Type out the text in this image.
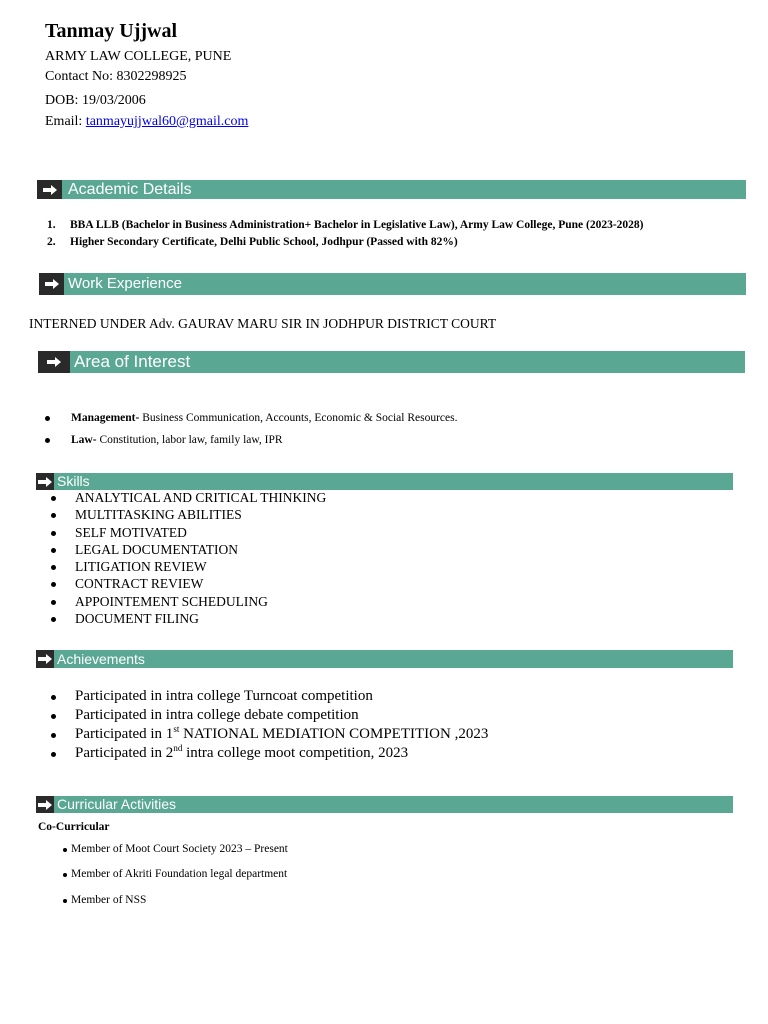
Tanmay Ujjwal
ARMY LAW COLLEGE, PUNE
Contact No: 8302298925
DOB: 19/03/2006
Email: tanmayujjwal60@gmail.com
Academic Details
1. BBA LLB (Bachelor in Business Administration+ Bachelor in Legislative Law), Army Law College, Pune (2023-2028)
2. Higher Secondary Certificate, Delhi Public School, Jodhpur (Passed with 82%)
Work Experience
INTERNED UNDER Adv. GAURAV MARU SIR IN JODHPUR DISTRICT COURT
Area of Interest
Management- Business Communication, Accounts, Economic & Social Resources.
Law- Constitution, labor law, family law, IPR
Skills
ANALYTICAL AND CRITICAL THINKING
MULTITASKING ABILITIES
SELF MOTIVATED
LEGAL DOCUMENTATION
LITIGATION REVIEW
CONTRACT REVIEW
APPOINTEMENT SCHEDULING
DOCUMENT FILING
Achievements
Participated in intra college Turncoat competition
Participated in intra college debate competition
Participated in 1st NATIONAL MEDIATION COMPETITION ,2023
Participated in 2nd intra college moot competition, 2023
Curricular Activities
Co-Curricular
Member of Moot Court Society 2023 – Present
Member of Akriti Foundation legal department
Member of NSS
